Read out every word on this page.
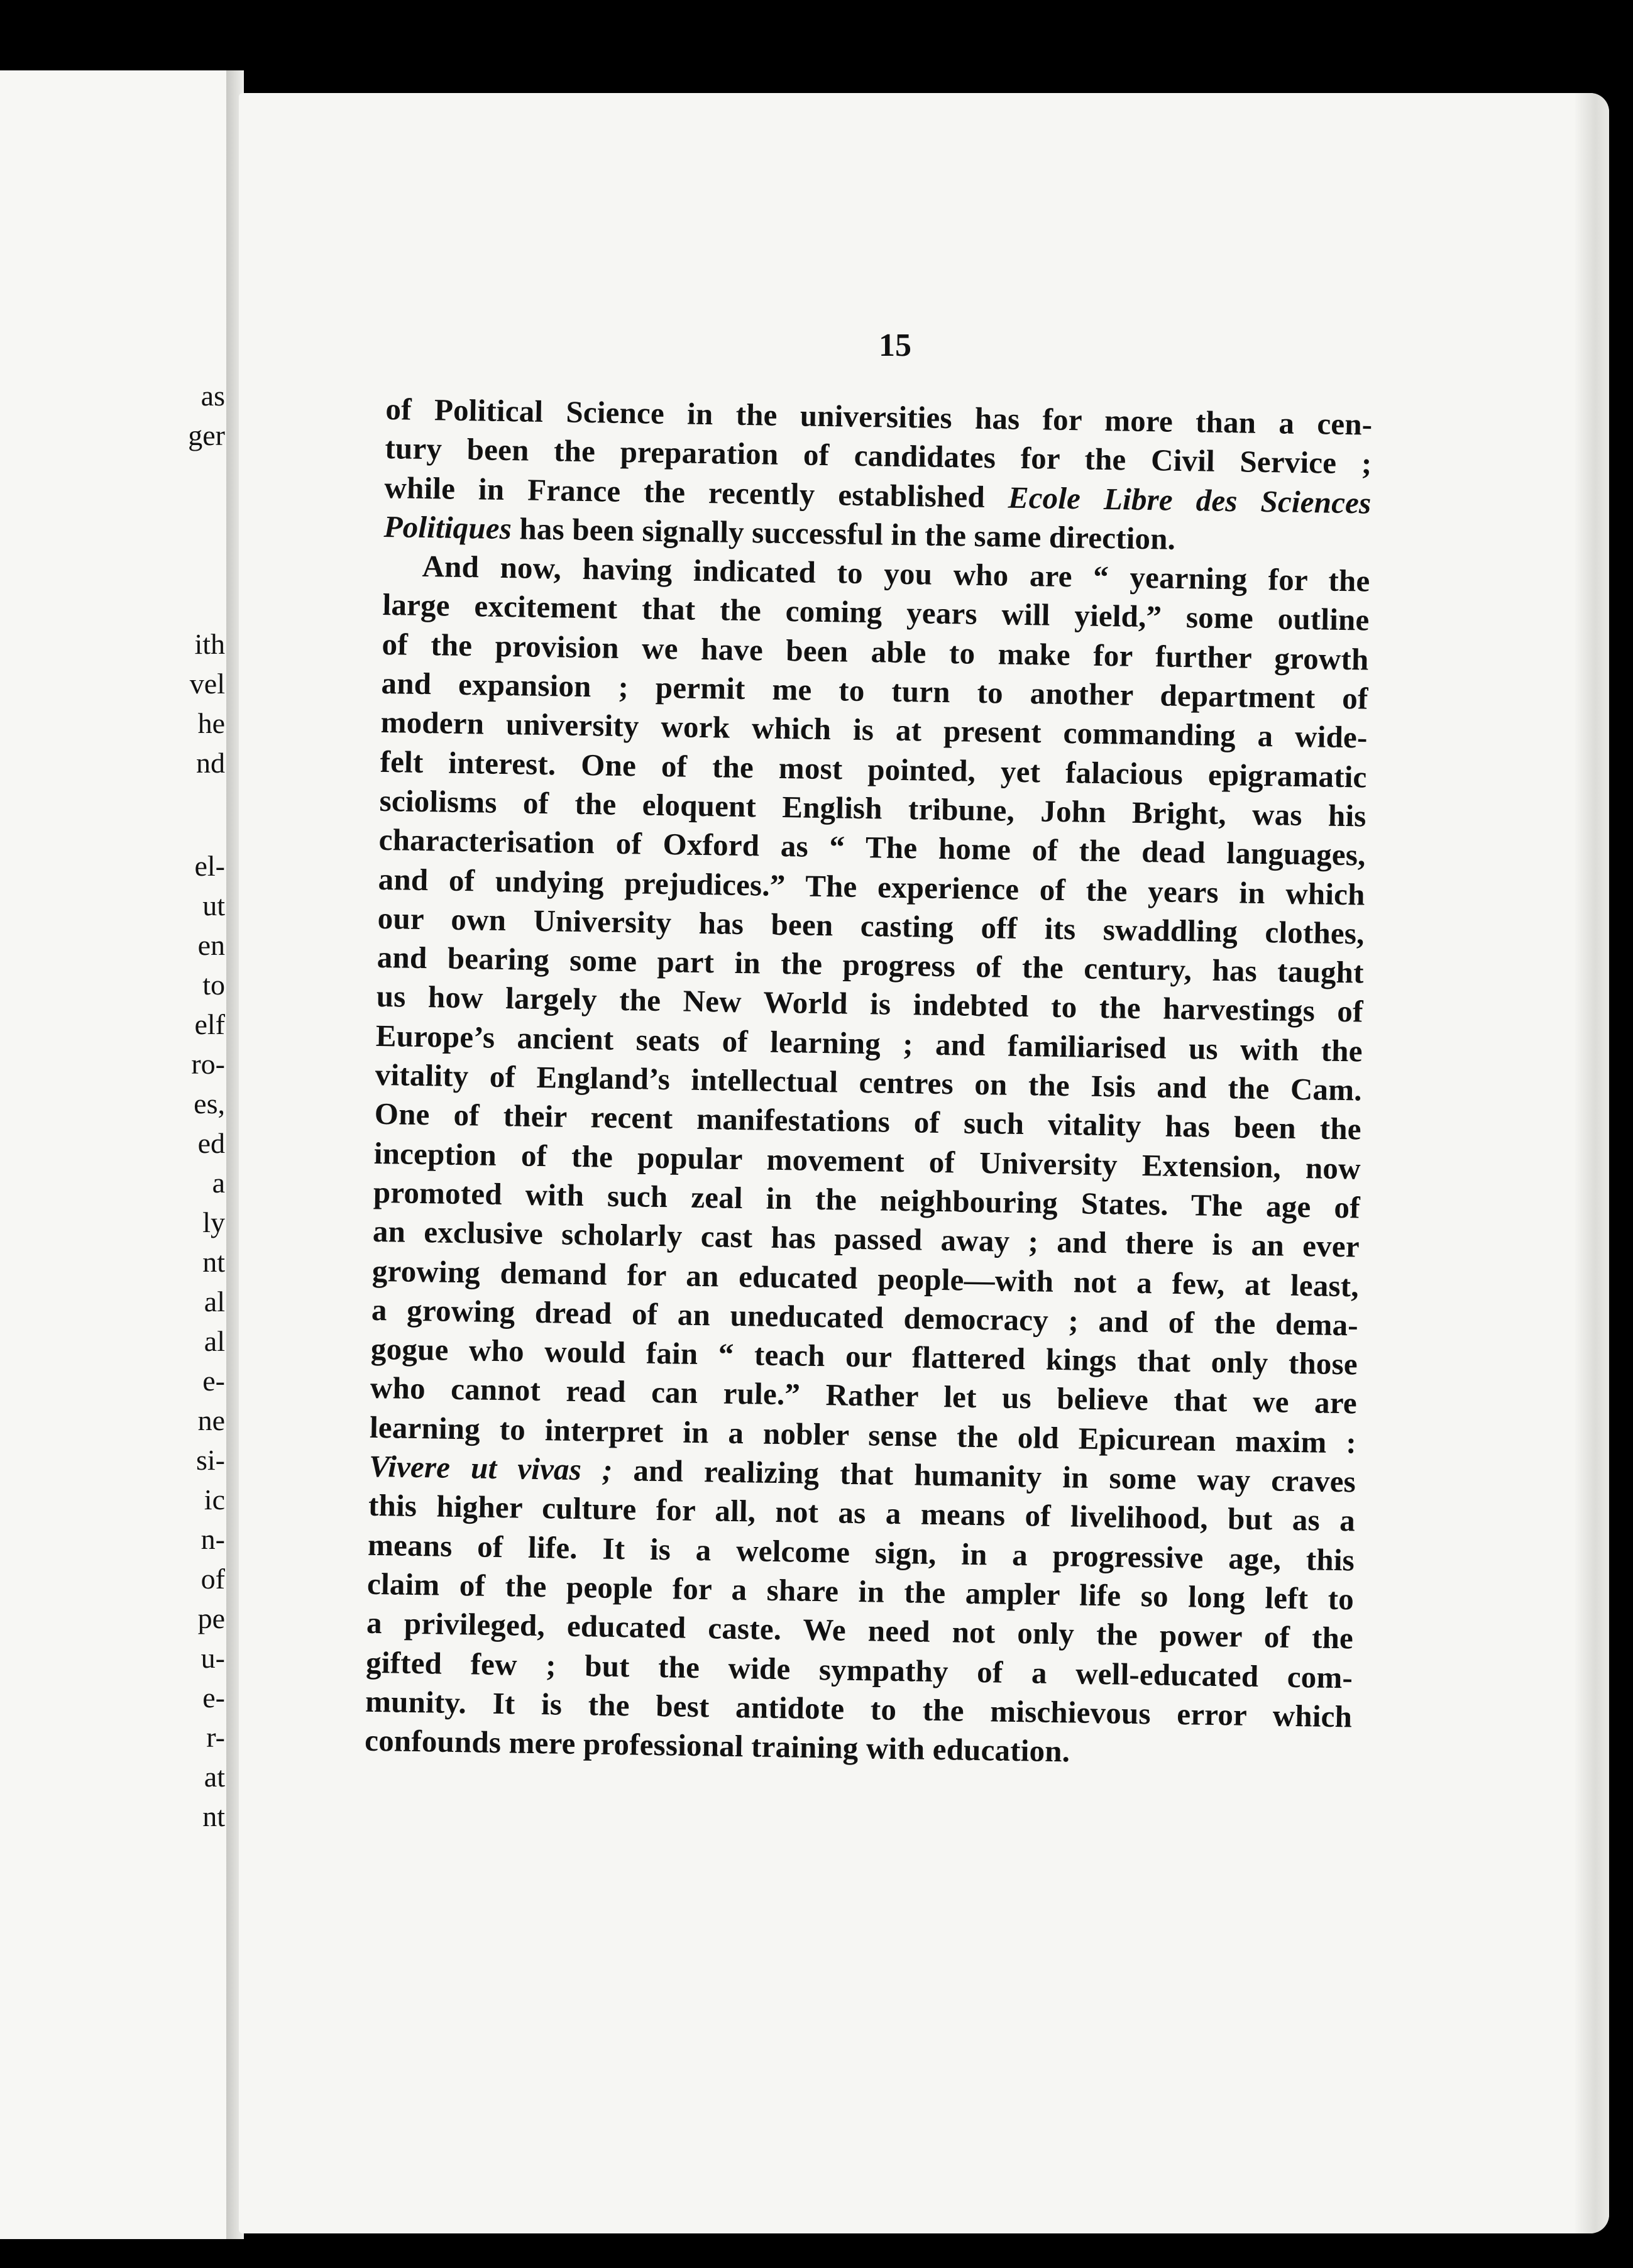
as
ger
ith
vel
he
nd
el-
ut
en
to
elf
ro-
es,
ed
a
ly
nt
al
al
e-
ne
si-
ic
n-
of
pe
u-
e-
r-
at
nt
15
of Political Science in the universities has for more than a cen-
tury been the preparation of candidates for the Civil Service ;
while in France the recently established Ecole Libre des Sciences
Politiques has been signally successful in the same direction.
And now, having indicated to you who are “ yearning for the
large excitement that the coming years will yield,” some outline
of the provision we have been able to make for further growth
and expansion ; permit me to turn to another department of
modern university work which is at present commanding a wide-
felt interest. One of the most pointed, yet falacious epigramatic
sciolisms of the eloquent English tribune, John Bright, was his
characterisation of Oxford as “ The home of the dead languages,
and of undying prejudices.” The experience of the years in which
our own University has been casting off its swaddling clothes,
and bearing some part in the progress of the century, has taught
us how largely the New World is indebted to the harvestings of
Europe’s ancient seats of learning ; and familiarised us with the
vitality of England’s intellectual centres on the Isis and the Cam.
One of their recent manifestations of such vitality has been the
inception of the popular movement of University Extension, now
promoted with such zeal in the neighbouring States. The age of
an exclusive scholarly cast has passed away ; and there is an ever
growing demand for an educated people—with not a few, at least,
a growing dread of an uneducated democracy ; and of the dema-
gogue who would fain “ teach our flattered kings that only those
who cannot read can rule.” Rather let us believe that we are
learning to interpret in a nobler sense the old Epicurean maxim :
Vivere ut vivas ; and realizing that humanity in some way craves
this higher culture for all, not as a means of livelihood, but as a
means of life. It is a welcome sign, in a progressive age, this
claim of the people for a share in the ampler life so long left to
a privileged, educated caste. We need not only the power of the
gifted few ; but the wide sympathy of a well-educated com-
munity. It is the best antidote to the mischievous error which
confounds mere professional training with education.
